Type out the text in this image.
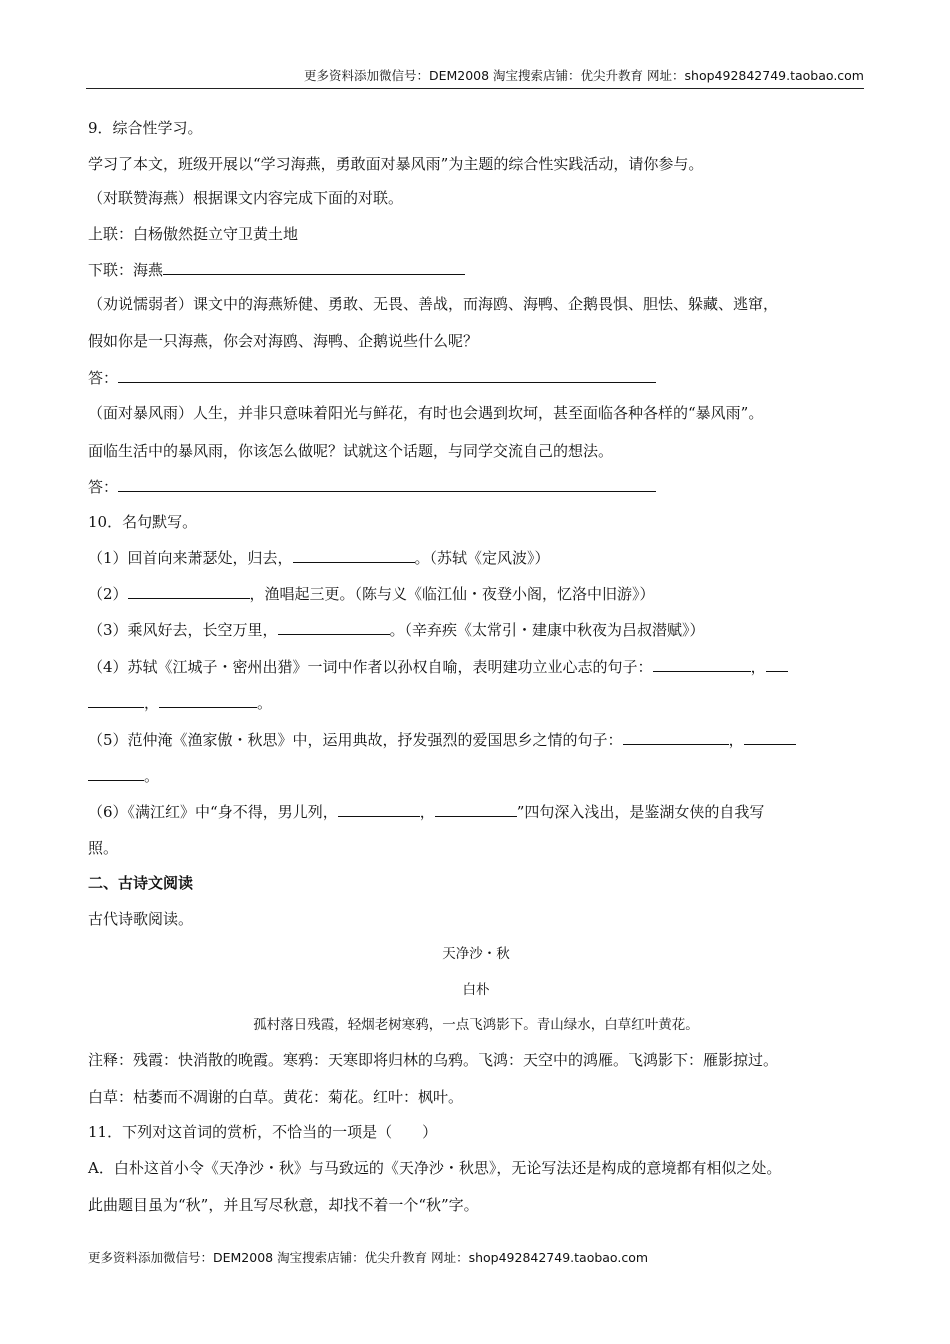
更多资料添加微信号：DEM2008 淘宝搜索店铺：优尖升教育 网址：shop492842749.taobao.com
9．综合性学习。
学习了本文，班级开展以“学习海燕，勇敢面对暴风雨”为主题的综合性实践活动，请你参与。
（对联赞海燕）根据课文内容完成下面的对联。
上联：白杨傲然挺立守卫黄土地
下联：海燕
（劝说懦弱者）课文中的海燕矫健、勇敢、无畏、善战，而海鸥、海鸭、企鹅畏惧、胆怯、躲藏、逃窜，
假如你是一只海燕，你会对海鸥、海鸭、企鹅说些什么呢？
答：
（面对暴风雨）人生，并非只意味着阳光与鲜花，有时也会遇到坎坷，甚至面临各种各样的“暴风雨”。
面临生活中的暴风雨，你该怎么做呢？试就这个话题，与同学交流自己的想法。
答：
10．名句默写。
（1）回首向来萧瑟处，归去，	。（苏轼《定风波》）
（2）	，渔唱起三更。（陈与义《临江仙・夜登小阁，忆洛中旧游》）
（3）乘风好去，长空万里，	。（辛弃疾《太常引・建康中秋夜为吕叔潜赋》）
（4）苏轼《江城子・密州出猎》一词中作者以孙权自喻，表明建功立业心志的句子：	，
，	。
（5）范仲淹《渔家傲・秋思》中，运用典故，抒发强烈的爱国思乡之情的句子：	，
。
（6）《满江红》中“身不得，男儿列，	，	”四句深入浅出，是鉴湖女侠的自我写
照。
二、古诗文阅读
古代诗歌阅读。
天净沙・秋
白朴
孤村落日残霞，轻烟老树寒鸦，一点飞鸿影下。青山绿水，白草红叶黄花。
注释：残霞：快消散的晚霞。寒鸦：天寒即将归林的乌鸦。飞鸿：天空中的鸿雁。飞鸿影下：雁影掠过。
白草：枯萎而不凋谢的白草。黄花：菊花。红叶：枫叶。
11．下列对这首词的赏析，不恰当的一项是（　　）
A．白朴这首小令《天净沙・秋》与马致远的《天净沙・秋思》，无论写法还是构成的意境都有相似之处。
此曲题目虽为“秋”，并且写尽秋意，却找不着一个“秋”字。
更多资料添加微信号：DEM2008 淘宝搜索店铺：优尖升教育 网址：shop492842749.taobao.com
